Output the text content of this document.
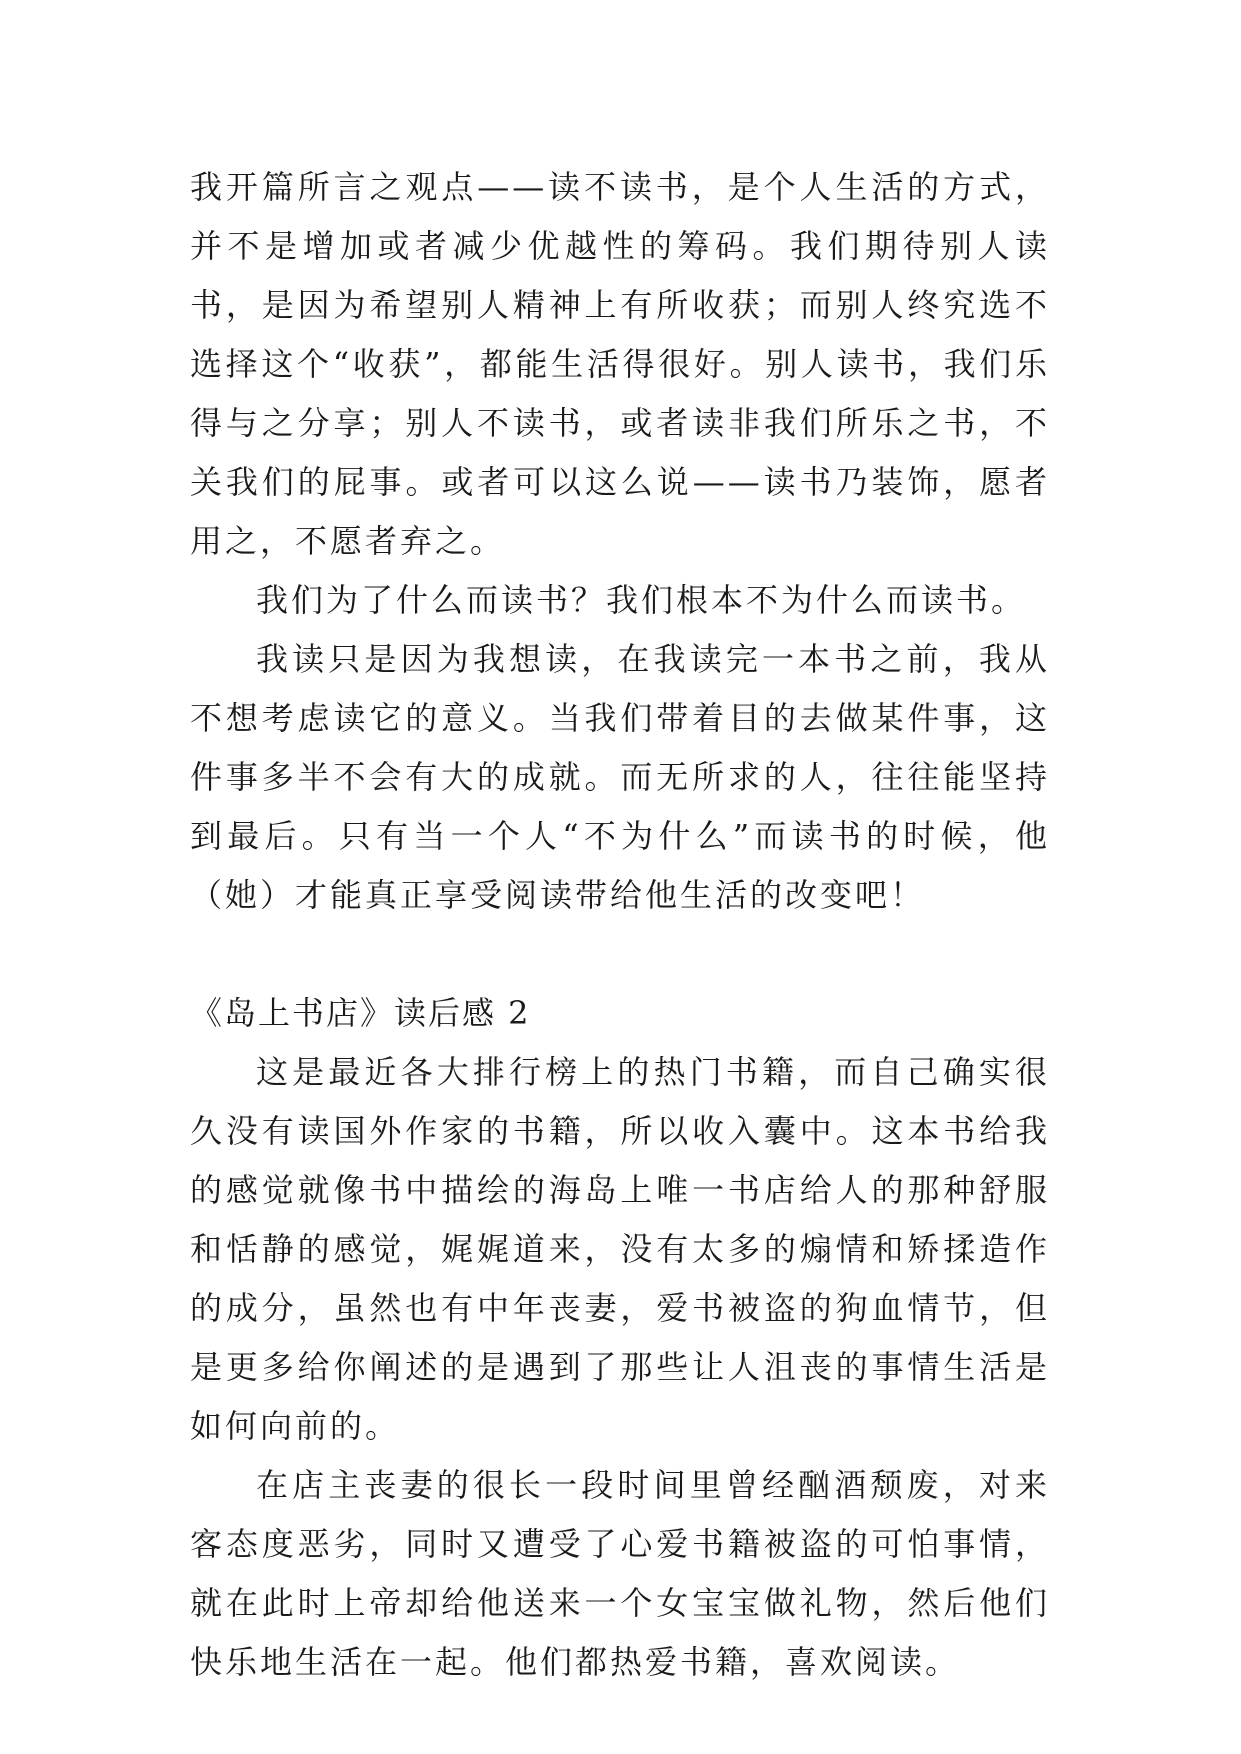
我开篇所言之观点——读不读书，是个人生活的方式，并不是增加或者减少优越性的筹码。我们期待别人读书，是因为希望别人精神上有所收获；而别人终究选不选择这个“收获”，都能生活得很好。别人读书，我们乐得与之分享；别人不读书，或者读非我们所乐之书，不关我们的屁事。或者可以这么说——读书乃装饰，愿者用之，不愿者弃之。

我们为了什么而读书？我们根本不为什么而读书。

我读只是因为我想读，在我读完一本书之前，我从不想考虑读它的意义。当我们带着目的去做某件事，这件事多半不会有大的成就。而无所求的人，往往能坚持到最后。只有当一个人“不为什么”而读书的时候，他（她）才能真正享受阅读带给他生活的改变吧！

《岛上书店》读后感 2

这是最近各大排行榜上的热门书籍，而自己确实很久没有读国外作家的书籍，所以收入囊中。这本书给我的感觉就像书中描绘的海岛上唯一书店给人的那种舒服和恬静的感觉，娓娓道来，没有太多的煽情和矫揉造作的成分，虽然也有中年丧妻，爱书被盗的狗血情节，但是更多给你阐述的是遇到了那些让人沮丧的事情生活是如何向前的。

在店主丧妻的很长一段时间里曾经酗酒颓废，对来客态度恶劣，同时又遭受了心爱书籍被盗的可怕事情，就在此时上帝却给他送来一个女宝宝做礼物，然后他们快乐地生活在一起。他们都热爱书籍，喜欢阅读。
